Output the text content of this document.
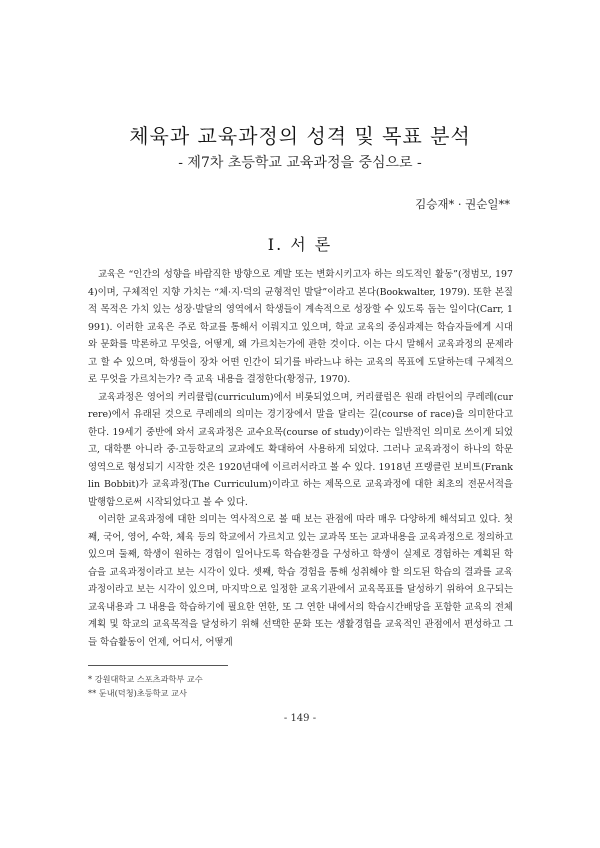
체육과 교육과정의 성격 및 목표 분석
- 제7차 초등학교 교육과정을 중심으로 -
김승재* · 권순일**
Ⅰ. 서 론

교육은 “인간의 성향을 바람직한 방향으로 계발 또는 변화시키고자 하는 의도적인 활동”(정범모, 1974)이며, 구체적인 지향 가치는 “체·지·덕의 균형적인 발달”이라고 본다(Bookwalter, 1979). 또한 본질적 목적은 가치 있는 성장·발달의 영역에서 학생들이 계속적으로 성장할 수 있도록 돕는 일이다(Carr, 1991). 이러한 교육은 주로 학교를 통해서 이뤄지고 있으며, 학교 교육의 중심과제는 학습자들에게 시대와 문화를 막론하고 무엇을, 어떻게, 왜 가르치는가에 관한 것이다. 이는 다시 말해서 교육과정의 문제라고 할 수 있으며, 학생들이 장차 어떤 인간이 되기를 바라느냐 하는 교육의 목표에 도달하는데 구체적으로 무엇을 가르치는가? 즉 교육 내용을 결정한다(황정규, 1970).

교육과정은 영어의 커리큘럼(curriculum)에서 비롯되었으며, 커리큘럼은 원래 라틴어의 쿠레레(currere)에서 유래된 것으로 쿠레레의 의미는 경기장에서 말을 달리는 길(course of race)을 의미한다고 한다. 19세기 중반에 와서 교육과정은 교수요목(course of study)이라는 일반적인 의미로 쓰이게 되었고, 대학뿐 아니라 중·고등학교의 교과에도 확대하여 사용하게 되었다. 그러나 교육과정이 하나의 학문 영역으로 형성되기 시작한 것은 1920년대에 이르러서라고 볼 수 있다. 1918년 프랭클린 보비트(Franklin Bobbit)가 교육과정(The Curriculum)이라고 하는 제목으로 교육과정에 대한 최초의 전문서적을 발행함으로써 시작되었다고 볼 수 있다.

이러한 교육과정에 대한 의미는 역사적으로 볼 때 보는 관점에 따라 매우 다양하게 해석되고 있다. 첫째, 국어, 영어, 수학, 체육 등의 학교에서 가르치고 있는 교과목 또는 교과내용을 교육과정으로 정의하고 있으며 둘째, 학생이 원하는 경험이 일어나도록 학습환경을 구성하고 학생이 실제로 경험하는 계획된 학습을 교육과정이라고 보는 시각이 있다. 셋째, 학습 경험을 통해 성취해야 할 의도된 학습의 결과를 교육과정이라고 보는 시각이 있으며, 마지막으로 일정한 교육기관에서 교육목표를 달성하기 위하여 요구되는 교육내용과 그 내용을 학습하기에 필요한 연한, 또 그 연한 내에서의 학습시간배당을 포함한 교육의 전체계획 및 학교의 교육목적을 달성하기 위해 선택한 문화 또는 생활경험을 교육적인 관점에서 편성하고 그들 학습활동이 언제, 어디서, 어떻게

* 강원대학교 스포츠과학부 교수
** 둔내(덕청)초등학교 교사
- 149 -
